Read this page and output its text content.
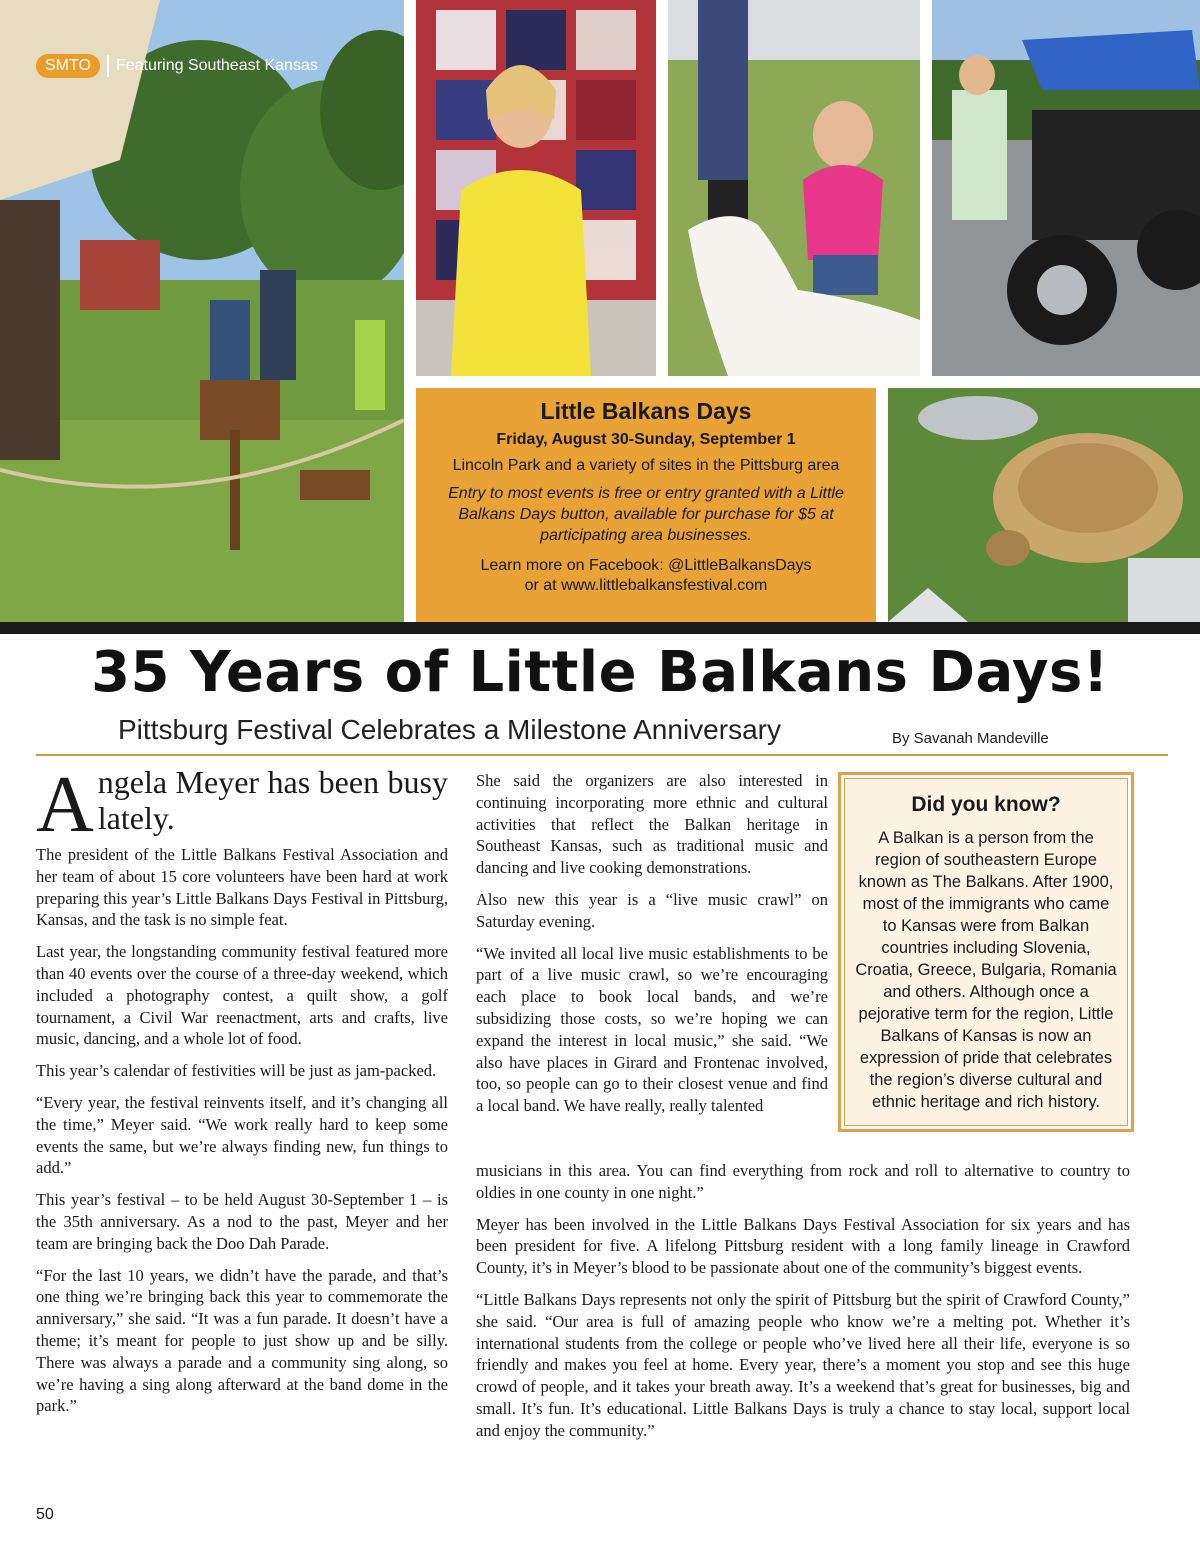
SMTO	Featuring Southeast Kansas
Little Balkans Days
Friday, August 30-Sunday, September 1
Lincoln Park and a variety of sites in the Pittsburg area
Entry to most events is free or entry granted with a Little Balkans Days button, available for purchase for $5 at participating area businesses.
Learn more on Facebook: @LittleBalkansDays
or at www.littlebalkansfestival.com
35 Years of Little Balkans Days!
Pittsburg Festival Celebrates a Milestone Anniversary	By Savanah Mandeville
Angela Meyer has been busy lately.

The president of the Little Balkans Festival Association and her team of about 15 core volunteers have been hard at work preparing this year’s Little Balkans Days Festival in Pittsburg, Kansas, and the task is no simple feat.

Last year, the longstanding community festival featured more than 40 events over the course of a three-day weekend, which included a photography contest, a quilt show, a golf tournament, a Civil War reenactment, arts and crafts, live music, dancing, and a whole lot of food.

This year’s calendar of festivities will be just as jam-packed.

“Every year, the festival reinvents itself, and it’s changing all the time,” Meyer said. “We work really hard to keep some events the same, but we’re always finding new, fun things to add.”

This year’s festival – to be held August 30-September 1 – is the 35th anniversary. As a nod to the past, Meyer and her team are bringing back the Doo Dah Parade.

“For the last 10 years, we didn’t have the parade, and that’s one thing we’re bringing back this year to commemorate the anniversary,” she said. “It was a fun parade. It doesn’t have a theme; it’s meant for people to just show up and be silly. There was always a parade and a community sing along, so we’re having a sing along afterward at the band dome in the park.”

She said the organizers are also interested in continuing incorporating more ethnic and cultural activities that reflect the Balkan heritage in Southeast Kansas, such as traditional music and dancing and live cooking demonstrations.

Also new this year is a “live music crawl” on Saturday evening.

“We invited all local live music establishments to be part of a live music crawl, so we’re encouraging each place to book local bands, and we’re subsidizing those costs, so we’re hoping we can expand the interest in local music,” she said. “We also have places in Girard and Frontenac involved, too, so people can go to their closest venue and find a local band. We have really, really talented

Did you know?
A Balkan is a person from the region of southeastern Europe known as The Balkans. After 1900, most of the immigrants who came to Kansas were from Balkan countries including Slovenia, Croatia, Greece, Bulgaria, Romania and others. Although once a pejorative term for the region, Little Balkans of Kansas is now an expression of pride that celebrates the region’s diverse cultural and ethnic heritage and rich history.

musicians in this area. You can find everything from rock and roll to alternative to country to oldies in one county in one night.”

Meyer has been involved in the Little Balkans Days Festival Association for six years and has been president for five. A lifelong Pittsburg resident with a long family lineage in Crawford County, it’s in Meyer’s blood to be passionate about one of the community’s biggest events.

“Little Balkans Days represents not only the spirit of Pittsburg but the spirit of Crawford County,” she said. “Our area is full of amazing people who know we’re a melting pot. Whether it’s international students from the college or people who’ve lived here all their life, everyone is so friendly and makes you feel at home. Every year, there’s a moment you stop and see this huge crowd of people, and it takes your breath away. It’s a weekend that’s great for businesses, big and small. It’s fun. It’s educational. Little Balkans Days is truly a chance to stay local, support local and enjoy the community.”

50
